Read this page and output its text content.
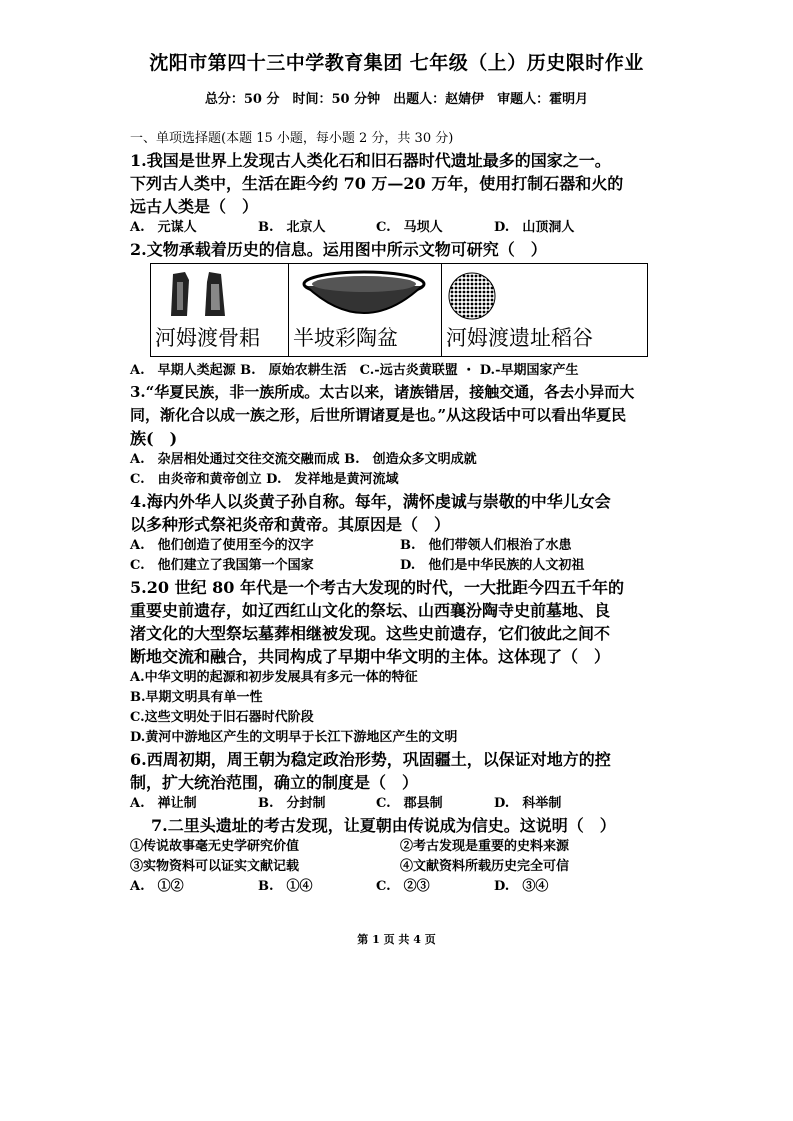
沈阳市第四十三中学教育集团 七年级（上）历史限时作业
总分：50 分　时间：50 分钟　出题人：赵婧伊　审题人：霍明月
一、单项选择题(本题 15 小题，每小题 2 分，共 30 分)
1.我国是世界上发现古人类化石和旧石器时代遗址最多的国家之一。
下列古人类中，生活在距今约 70 万—20 万年，使用打制石器和火的
远古人类是（　）
A.　元谋人	B.　北京人	C.　马坝人	D.　山顶洞人
2.文物承载着历史的信息。运用图中所示文物可研究（　）
河姆渡骨耜 半坡彩陶盆 河姆渡遗址稻谷
A.　早期人类起源 B.　原始农耕生活　C.-远古炎黄联盟 ・ D.-早期国家产生
3.“华夏民族，非一族所成。太古以来，诸族错居，接触交通，各去小异而大
同，渐化合以成一族之形，后世所谓诸夏是也。”从这段话中可以看出华夏民
族(　)
A.　杂居相处通过交往交流交融而成 B.　创造众多文明成就
C.　由炎帝和黄帝创立 D.　发祥地是黄河流域
4.海内外华人以炎黄子孙自称。每年，满怀虔诚与崇敬的中华儿女会
以多种形式祭祀炎帝和黄帝。其原因是（　）
A.　他们创造了使用至今的汉字	B.　他们带领人们根治了水患
C.　他们建立了我国第一个国家	D.　他们是中华民族的人文初祖
5.20 世纪 80 年代是一个考古大发现的时代，一大批距今四五千年的
重要史前遗存，如辽西红山文化的祭坛、山西襄汾陶寺史前墓地、良
渚文化的大型祭坛墓葬相继被发现。这些史前遗存，它们彼此之间不
断地交流和融合，共同构成了早期中华文明的主体。这体现了（　）
A.中华文明的起源和初步发展具有多元一体的特征
B.早期文明具有单一性
C.这些文明处于旧石器时代阶段
D.黄河中游地区产生的文明早于长江下游地区产生的文明
6.西周初期，周王朝为稳定政治形势，巩固疆土，以保证对地方的控
制，扩大统治范围，确立的制度是（　）
A.　禅让制	B.　分封制	C.　郡县制	D.　科举制
7.二里头遗址的考古发现，让夏朝由传说成为信史。这说明（　）
①传说故事毫无史学研究价值	②考古发现是重要的史料来源
③实物资料可以证实文献记载	④文献资料所载历史完全可信
A.　①②	B.　①④	C.　②③	D.　③④
第 1 页 共 4 页
